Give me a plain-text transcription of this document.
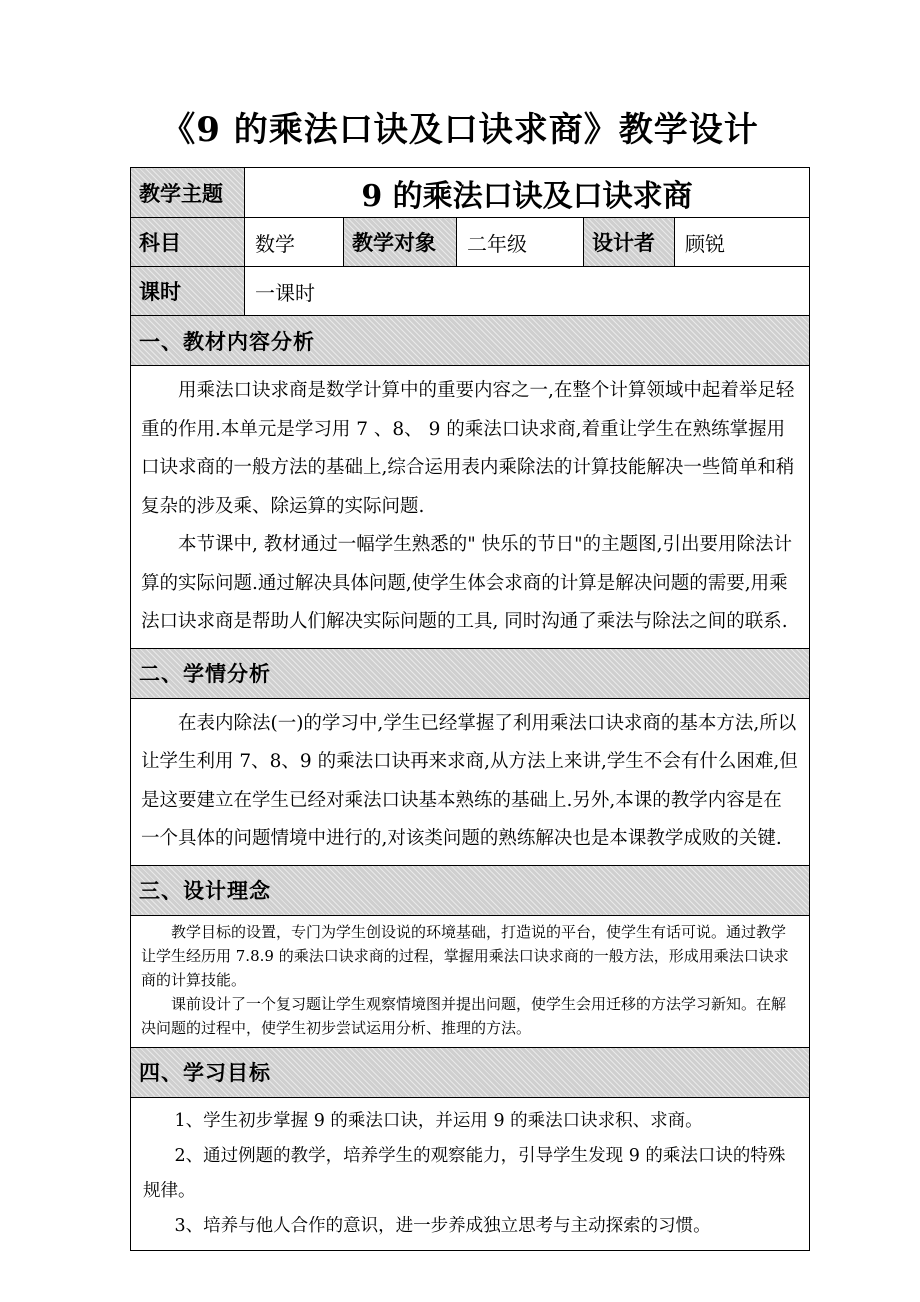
《9 的乘法口诀及口诀求商》教学设计
教学主题	9 的乘法口诀及口诀求商				
科目	数学	教学对象	二年级	设计者	顾锐
课时	一课时				
一、教材内容分析					

用乘法口诀求商是数学计算中的重要内容之一,在整个计算领域中起着举足轻重的作用.本单元是学习用 7 、8、 9 的乘法口诀求商,着重让学生在熟练掌握用口诀求商的一般方法的基础上,综合运用表内乘除法的计算技能解决一些简单和稍复杂的涉及乘、除运算的实际问题.

本节课中, 教材通过一幅学生熟悉的" 快乐的节日"的主题图,引出要用除法计算的实际问题.通过解决具体问题,使学生体会求商的计算是解决问题的需要,用乘法口诀求商是帮助人们解决实际问题的工具, 同时沟通了乘法与除法之间的联系.					

二、学情分析					

在表内除法(一)的学习中,学生已经掌握了利用乘法口诀求商的基本方法,所以让学生利用 7、8、9 的乘法口诀再来求商,从方法上来讲,学生不会有什么困难,但是这要建立在学生已经对乘法口诀基本熟练的基础上.另外,本课的教学内容是在一个具体的问题情境中进行的,对该类问题的熟练解决也是本课教学成败的关键.					

三、设计理念					

教学目标的设置，专门为学生创设说的环境基础，打造说的平台，使学生有话可说。通过教学让学生经历用 7.8.9 的乘法口诀求商的过程，掌握用乘法口诀求商的一般方法，形成用乘法口诀求商的计算技能。

课前设计了一个复习题让学生观察情境图并提出问题，使学生会用迁移的方法学习新知。在解决问题的过程中，使学生初步尝试运用分析、推理的方法。					

四、学习目标					

1、学生初步掌握 9 的乘法口诀，并运用 9 的乘法口诀求积、求商。

2、通过例题的教学，培养学生的观察能力，引导学生发现 9 的乘法口诀的特殊规律。

3、培养与他人合作的意识，进一步养成独立思考与主动探索的习惯。					
